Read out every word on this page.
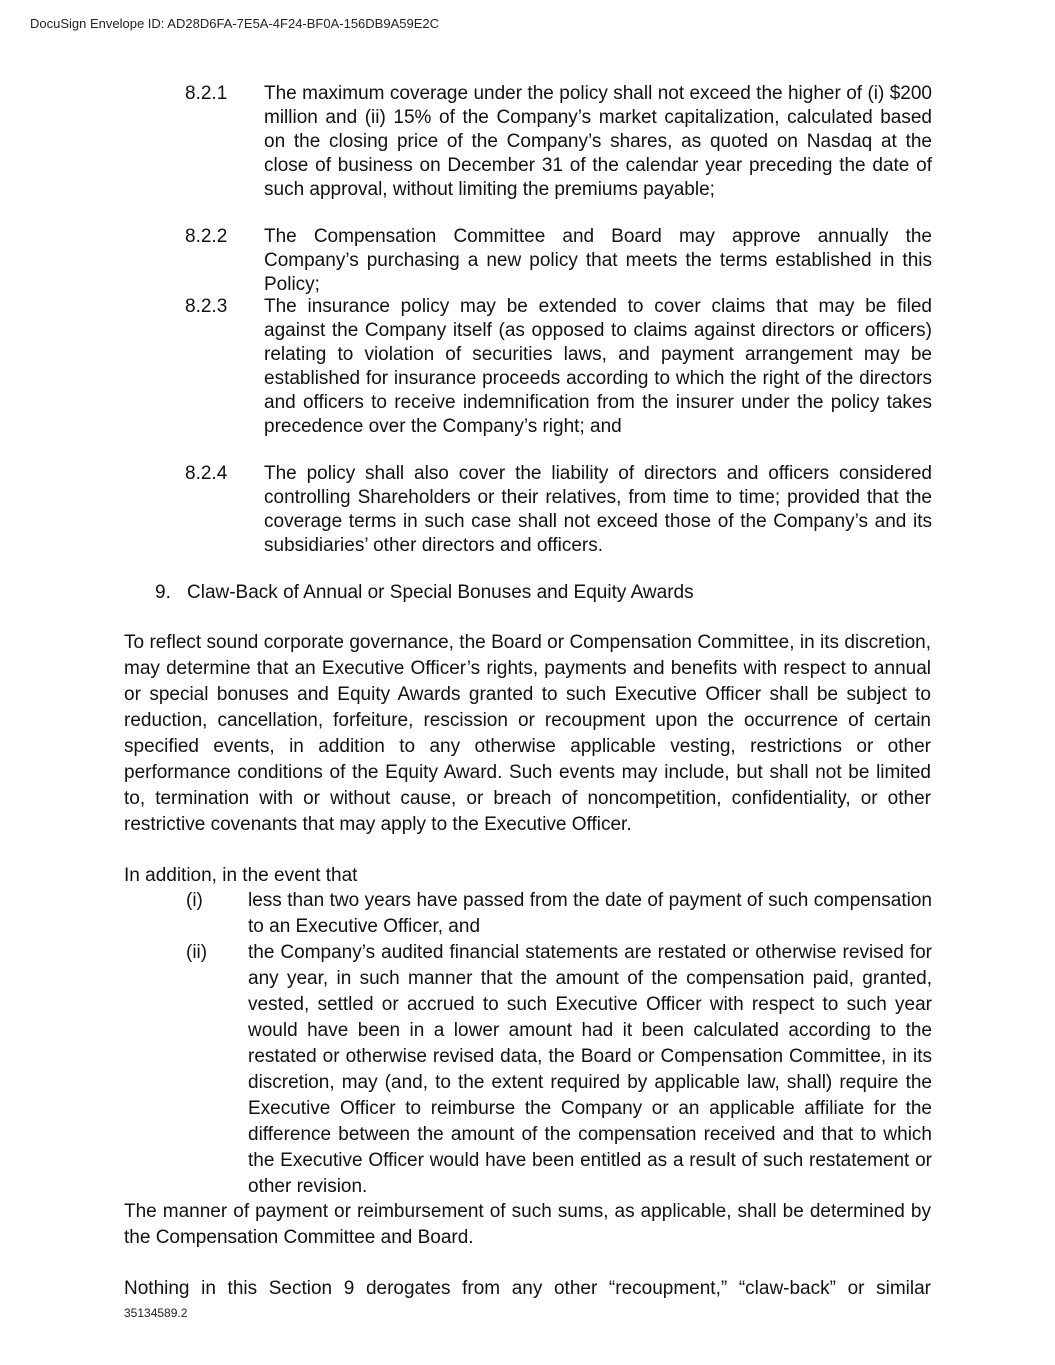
DocuSign Envelope ID: AD28D6FA-7E5A-4F24-BF0A-156DB9A59E2C
8.2.1	The maximum coverage under the policy shall not exceed the higher of (i) $200 million and (ii) 15% of the Company’s market capitalization, calculated based on the closing price of the Company’s shares, as quoted on Nasdaq at the close of business on December 31 of the calendar year preceding the date of such approval, without limiting the premiums payable;
8.2.2	The Compensation Committee and Board may approve annually the Company’s purchasing a new policy that meets the terms established in this Policy;
8.2.3	The insurance policy may be extended to cover claims that may be filed against the Company itself (as opposed to claims against directors or officers) relating to violation of securities laws, and payment arrangement may be established for insurance proceeds according to which the right of the directors and officers to receive indemnification from the insurer under the policy takes precedence over the Company’s right; and
8.2.4	The policy shall also cover the liability of directors and officers considered controlling Shareholders or their relatives, from time to time; provided that the coverage terms in such case shall not exceed those of the Company’s and its subsidiaries’ other directors and officers.
9. Claw-Back of Annual or Special Bonuses and Equity Awards
To reflect sound corporate governance, the Board or Compensation Committee, in its discretion, may determine that an Executive Officer’s rights, payments and benefits with respect to annual or special bonuses and Equity Awards granted to such Executive Officer shall be subject to reduction, cancellation, forfeiture, rescission or recoupment upon the occurrence of certain specified events, in addition to any otherwise applicable vesting, restrictions or other performance conditions of the Equity Award. Such events may include, but shall not be limited to, termination with or without cause, or breach of noncompetition, confidentiality, or other restrictive covenants that may apply to the Executive Officer.
In addition, in the event that
(i)	less than two years have passed from the date of payment of such compensation to an Executive Officer, and
(ii)	the Company’s audited financial statements are restated or otherwise revised for any year, in such manner that the amount of the compensation paid, granted, vested, settled or accrued to such Executive Officer with respect to such year would have been in a lower amount had it been calculated according to the restated or otherwise revised data, the Board or Compensation Committee, in its discretion, may (and, to the extent required by applicable law, shall) require the Executive Officer to reimburse the Company or an applicable affiliate for the difference between the amount of the compensation received and that to which the Executive Officer would have been entitled as a result of such restatement or other revision.
The manner of payment or reimbursement of such sums, as applicable, shall be determined by the Compensation Committee and Board.
Nothing in this Section 9 derogates from any other “recoupment,” “claw-back” or similar
35134589.2
